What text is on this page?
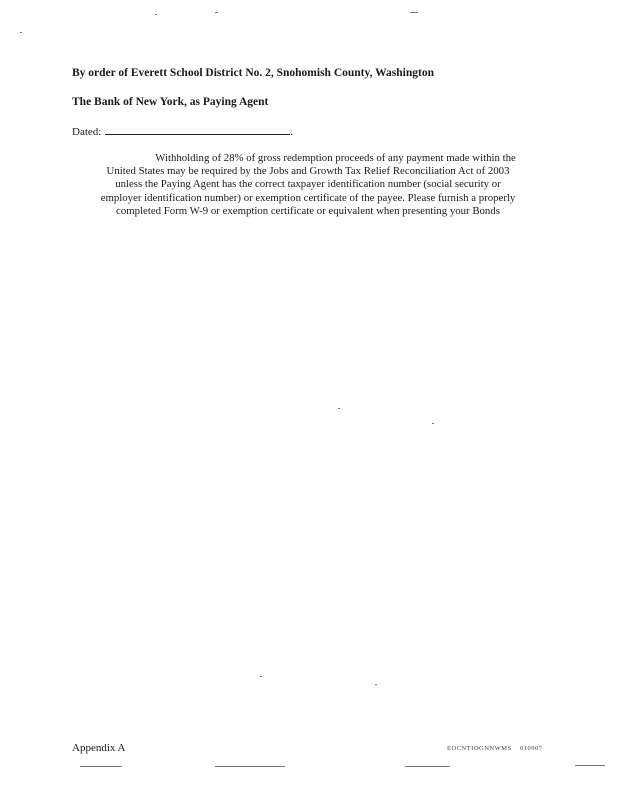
By order of Everett School District No. 2, Snohomish County, Washington
The Bank of New York, as Paying Agent
Dated:	.
Withholding of 28% of gross redemption proceeds of any payment made within the
United States may be required by the Jobs and Growth Tax Relief Reconciliation Act of 2003
unless the Paying Agent has the correct taxpayer identification number (social security or
employer identification number) or exemption certificate of the payee. Please furnish a properly
completed Form W-9 or exemption certificate or equivalent when presenting your Bonds
Appendix A	EOCNTIOGNNWMS 010907
